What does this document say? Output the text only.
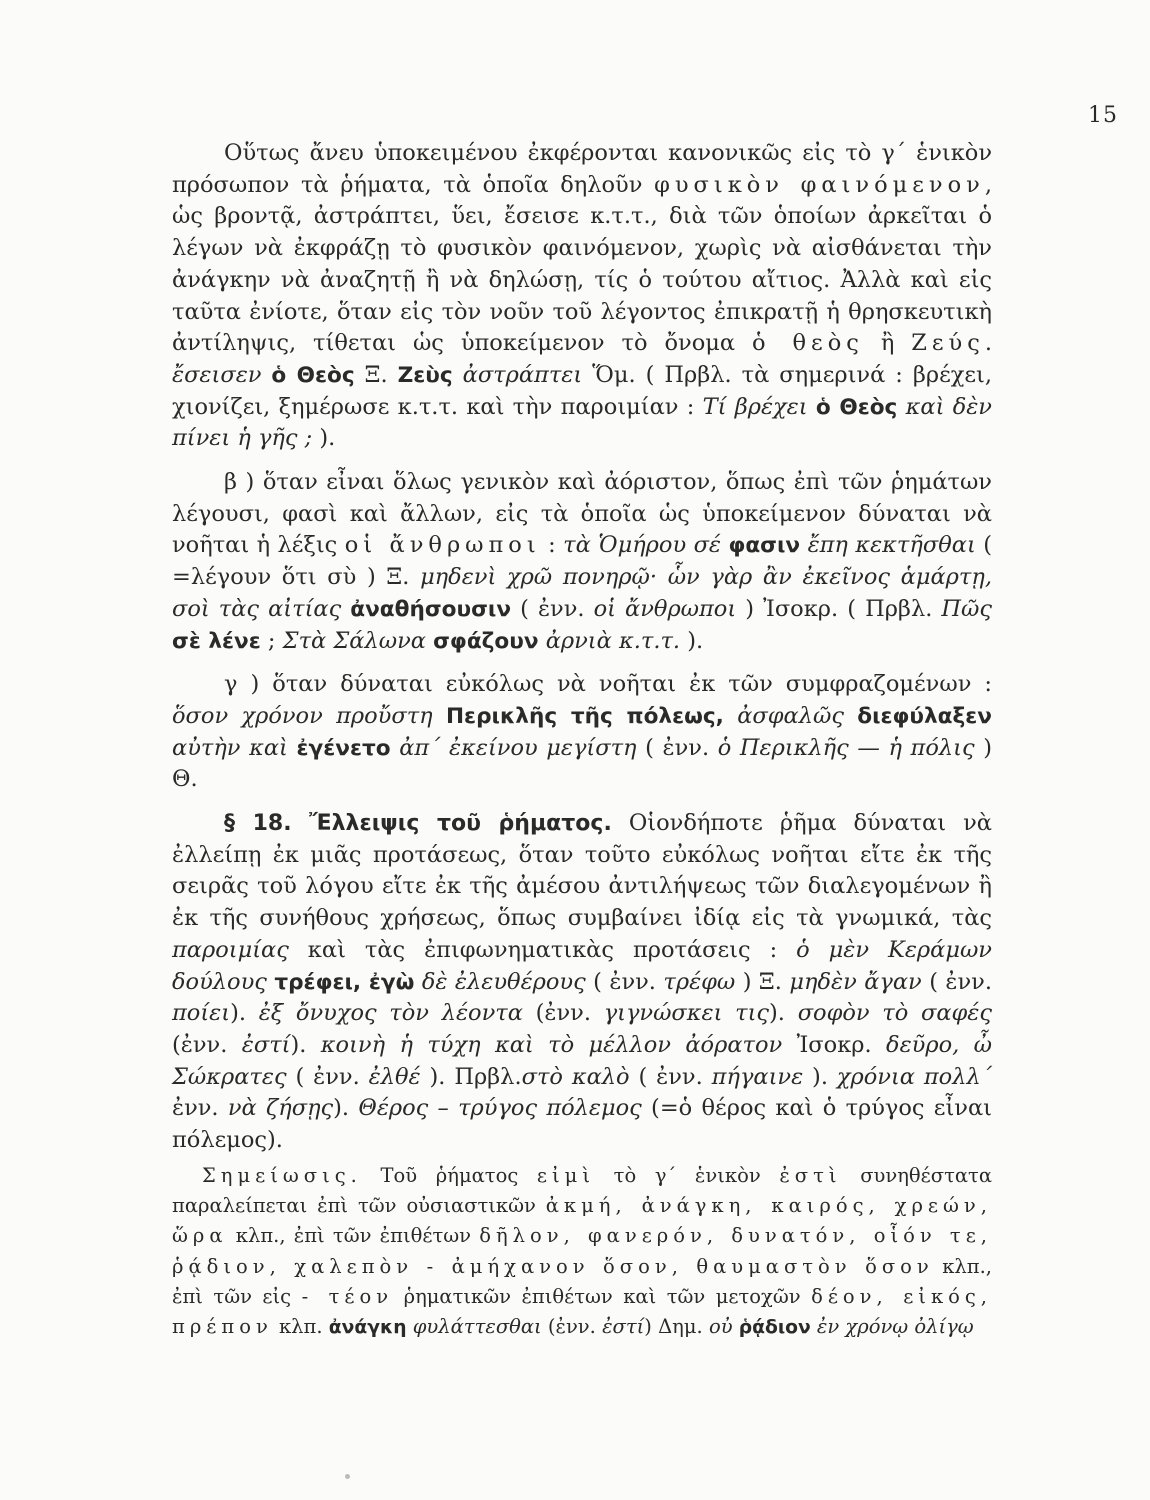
15

Οὕτως ἄνευ ὑποκειμένου ἐκφέρονται κανονικῶς εἰς τὸ γ΄ ἑνικὸν πρόσωπον τὰ ῥήματα, τὰ ὁποῖα δηλοῦν φυσικὸν φαινόμενον, ὡς βροντᾷ, ἀστράπτει, ὕει, ἔσεισε κ.τ.τ., διὰ τῶν ὁποίων ἀρκεῖται ὁ λέγων νὰ ἐκφράζῃ τὸ φυσικὸν φαινόμενον, χωρὶς νὰ αἰσθάνεται τὴν ἀνάγκην νὰ ἀναζητῇ ἢ νὰ δηλώσῃ, τίς ὁ τούτου αἴτιος. Ἀλλὰ καὶ εἰς ταῦτα ἐνίοτε, ὅταν εἰς τὸν νοῦν τοῦ λέγοντος ἐπικρατῇ ἡ θρησκευτικὴ ἀντίληψις, τίθεται ὡς ὑποκείμενον τὸ ὄνομα ὁ θεὸς ἢ Ζεύς. ἔσεισεν ὁ Θεὸς Ξ. Ζεὺς ἀστράπτει Ὅμ. ( Πρβλ. τὰ σημερινά : βρέχει, χιονίζει, ξημέρωσε κ.τ.τ. καὶ τὴν παροιμίαν : Τί βρέχει ὁ Θεὸς καὶ δὲν πίνει ἡ γῆς ; ).

β ) ὅταν εἶναι ὅλως γενικὸν καὶ ἀόριστον, ὅπως ἐπὶ τῶν ῥημάτων λέγουσι, φασὶ καὶ ἄλλων, εἰς τὰ ὁποῖα ὡς ὑποκείμενον δύναται νὰ νοῆται ἡ λέξις οἱ ἄνθρωποι : τὰ Ὁμήρου σέ φασιν ἔπη κεκτῆσθαι ( =λέγουν ὅτι σὺ ) Ξ. μηδενὶ χρῶ πονηρῷ· ὧν γὰρ ἂν ἐκεῖνος ἁμάρτῃ, σοὶ τὰς αἰτίας ἀναθήσουσιν ( ἐνν. οἱ ἄνθρωποι ) Ἰσοκρ. ( Πρβλ. Πῶς σὲ λένε ; Στὰ Σάλωνα σφάζουν ἀρνιὰ κ.τ.τ. ).

γ ) ὅταν δύναται εὐκόλως νὰ νοῆται ἐκ τῶν συμφραζομένων : ὅσον χρόνον προὔστη Περικλῆς τῆς πόλεως, ἀσφαλῶς διεφύλαξεν αὐτὴν καὶ ἐγένετο ἀπ΄ ἐκείνου μεγίστη ( ἐνν. ὁ Περικλῆς — ἡ πόλις ) Θ.

§ 18. Ἔλλειψις τοῦ ῥήματος. Οἱονδήποτε ῥῆμα δύναται νὰ ἐλλείπῃ ἐκ μιᾶς προτάσεως, ὅταν τοῦτο εὐκόλως νοῆται εἴτε ἐκ τῆς σειρᾶς τοῦ λόγου εἴτε ἐκ τῆς ἀμέσου ἀντιλήψεως τῶν διαλεγομένων ἢ ἐκ τῆς συνήθους χρήσεως, ὅπως συμβαίνει ἰδίᾳ εἰς τὰ γνωμικά, τὰς παροιμίας καὶ τὰς ἐπιφωνηματικὰς προτάσεις : ὁ μὲν Κεράμων δούλους τρέφει, ἐγὼ δὲ ἐλευθέρους ( ἐνν. τρέφω ) Ξ. μηδὲν ἄγαν ( ἐνν. ποίει). ἐξ ὄνυχος τὸν λέοντα (ἐνν. γιγνώσκει τις). σοφὸν τὸ σαφές (ἐνν. ἐστί). κοινὴ ἡ τύχη καὶ τὸ μέλλον ἀόρατον Ἰσοκρ. δεῦρο, ὦ Σώκρατες ( ἐνν. ἐλθέ ). Πρβλ.στὸ καλὸ ( ἐνν. πήγαινε ). χρόνια πολλ΄ ἐνν. νὰ ζήσῃς). Θέρος – τρύγος πόλεμος (=ὁ θέρος καὶ ὁ τρύγος εἶναι πόλεμος).

Σημείωσις. Τοῦ ῥήματος εἰμὶ τὸ γ΄ ἑνικὸν ἐστὶ συνηθέστατα παραλείπεται ἐπὶ τῶν οὐσιαστικῶν ἀκμή, ἀνάγκη, καιρός, χρεών, ὥρα κλπ., ἐπὶ τῶν ἐπιθέτων δῆλον, φανερόν, δυνατόν, οἷόν τε, ῥᾴδιον, χαλεπὸν - ἀμήχανον ὅσον, θαυμαστὸν ὅσον κλπ., ἐπὶ τῶν εἰς - τέον ῥηματικῶν ἐπιθέτων καὶ τῶν μετοχῶν δέον, εἰκός, πρέπον κλπ. ἀνάγκη φυλάττεσθαι (ἐνν. ἐστί) Δημ. οὐ ῥᾴδιον ἐν χρόνῳ ὀλίγῳ
